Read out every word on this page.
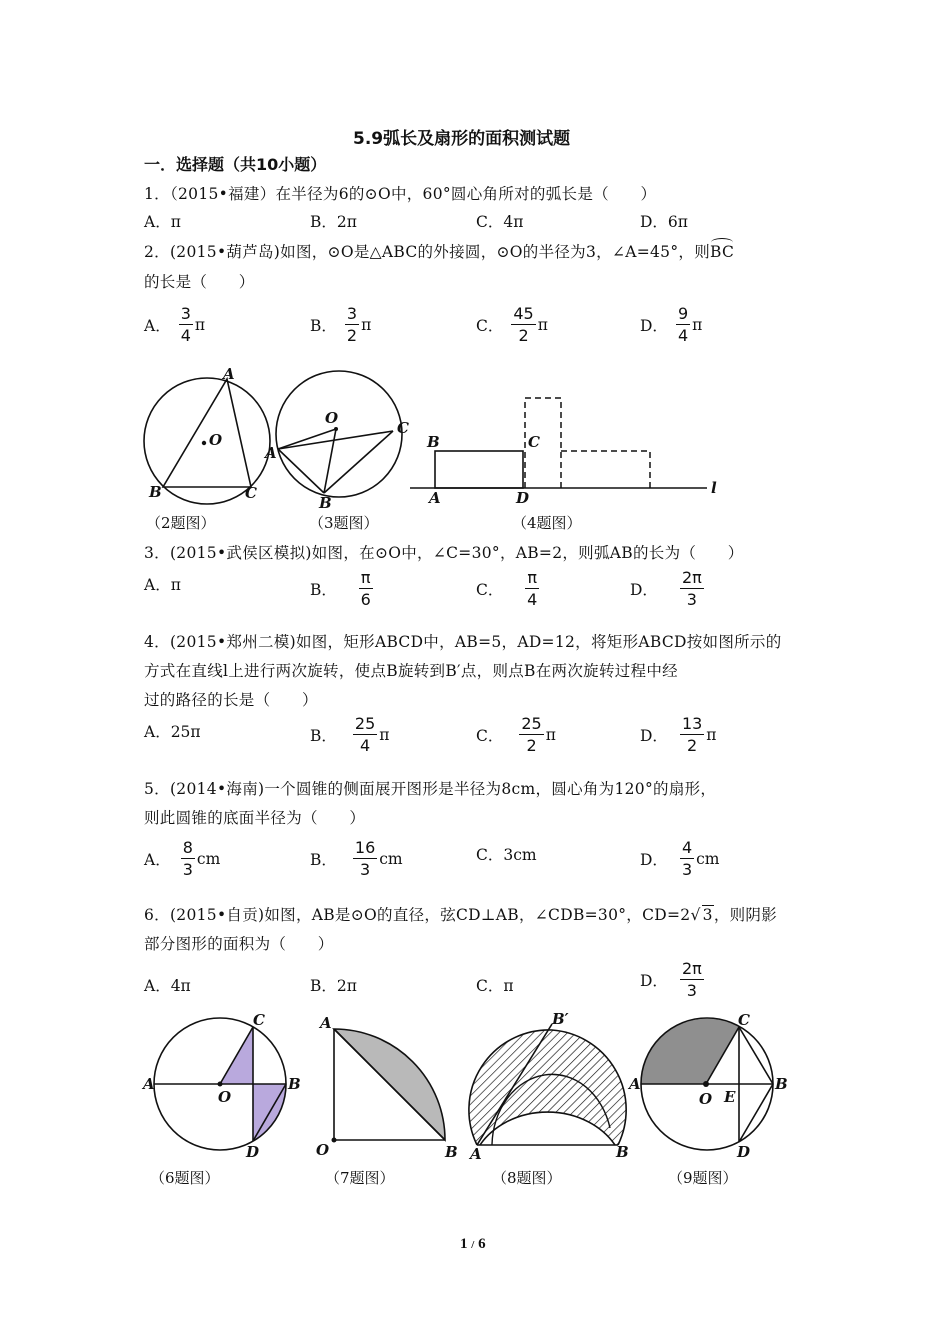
5.9弧长及扇形的面积测试题
一．选择题（共10小题）
1．（2015•福建）在半径为6的⊙O中，60°圆心角所对的弧长是（　　）
A．π	B．2π	C．4π	D．6π
2．(2015•葫芦岛)如图，⊙O是△ABC的外接圆，⊙O的半径为3，∠A=45°，则BC
的长是（　　）
A． $\frac{3}{4}$ π	B． $\frac{3}{2}$ π	C． $\frac{45}{2}$ π	D． $\frac{9}{4}$ π
A
B	C
O
O
A
B
C
B	C
A	D
l
（2题图）	（3题图）	（4题图）
3．(2015•武侯区模拟)如图，在⊙O中，∠C=30°，AB=2，则弧AB的长为（　　）
A．π	B． $\frac{\pi}{6}$	C． $\frac{\pi}{4}$	D． $\frac{2\pi}{3}$
4．(2015•郑州二模)如图，矩形ABCD中，AB=5，AD=12，将矩形ABCD按如图所示的
方式在直线l上进行两次旋转，使点B旋转到B′点，则点B在两次旋转过程中经
过的路径的长是（　　）
A．25π	B． $\frac{25}{4}$ π	C． $\frac{25}{2}$ π	D． $\frac{13}{2}$ π
5．(2014•海南)一个圆锥的侧面展开图形是半径为8cm，圆心角为120°的扇形，
则此圆锥的底面半径为（　　）
A． $\frac{8}{3}$ cm	B． $\frac{16}{3}$ cm	C．3cm	D． $\frac{4}{3}$ cm
6．(2015•自贡)如图，AB是⊙O的直径，弦CD⊥AB，∠CDB=30°，CD=2√ 3，则阴影
部分图形的面积为（　　）
A．4π	B．2π	C．π	D． $\frac{2\pi}{3}$
C
A
O
B
D
A
O	B
B′
A	B
C
A
O E
B
D
（6题图）	（7题图）	（8题图）	（9题图）
1 / 6
